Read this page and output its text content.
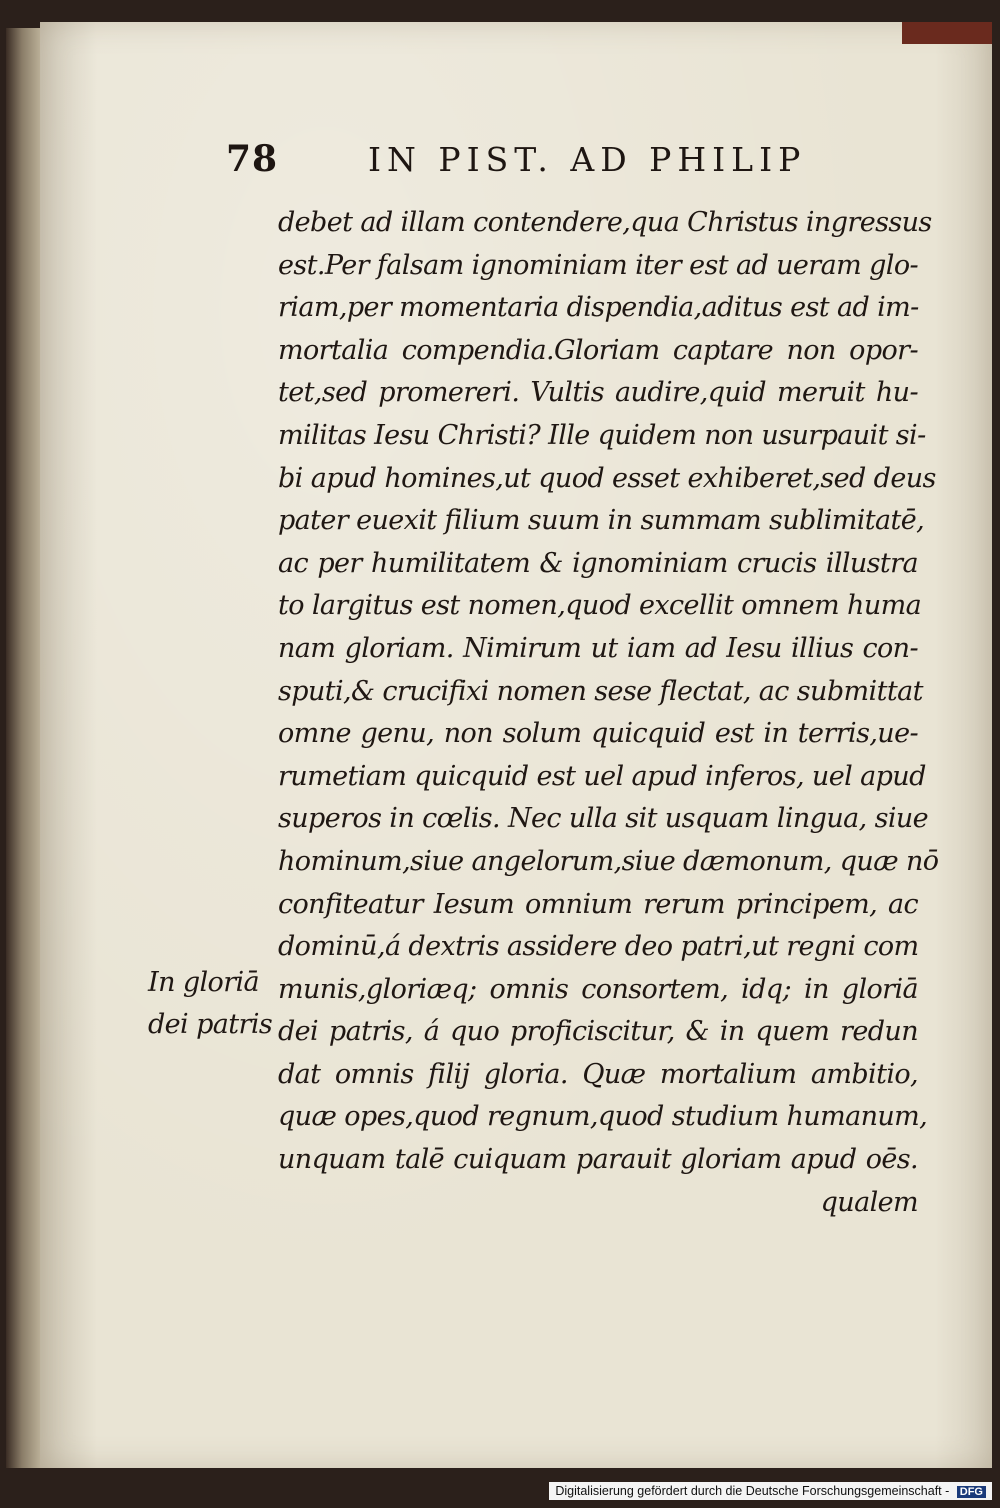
78	IN PIST. AD PHILIP
debet ad illam contendere,qua Christus ingressus
est.Per falsam ignominiam iter est ad ueram glo-
riam,per momentaria dispendia,aditus est ad im-
mortalia compendia.Gloriam captare non opor-
tet,sed promereri. Vultis audire,quid meruit hu-
militas Iesu Christi? Ille quidem non usurpauit si-
bi apud homines,ut quod esset exhiberet,sed deus
pater euexit filium suum in summam sublimitatē,
ac per humilitatem & ignominiam crucis illustra
to largitus est nomen,quod excellit omnem huma
nam gloriam. Nimirum ut iam ad Iesu illius con-
sputi,& crucifixi nomen sese flectat, ac submittat
omne genu, non solum quicquid est in terris,ue-
rumetiam quicquid est uel apud inferos, uel apud
superos in cœlis. Nec ulla sit usquam lingua, siue
hominum,siue angelorum,siue dæmonum, quæ nō
confiteatur Iesum omnium rerum principem, ac
dominū,á dextris assidere deo patri,ut regni com
munis,gloriæq; omnis consortem, idq; in gloriā
dei patris, á quo proficiscitur, & in quem redun
dat omnis filij gloria. Quæ mortalium ambitio,
quæ opes,quod regnum,quod studium humanum,
unquam talē cuiquam parauit gloriam apud oēs.
qualem
In gloriā
dei patris
Digitalisierung gefördert durch die Deutsche Forschungsgemeinschaft - DFG
